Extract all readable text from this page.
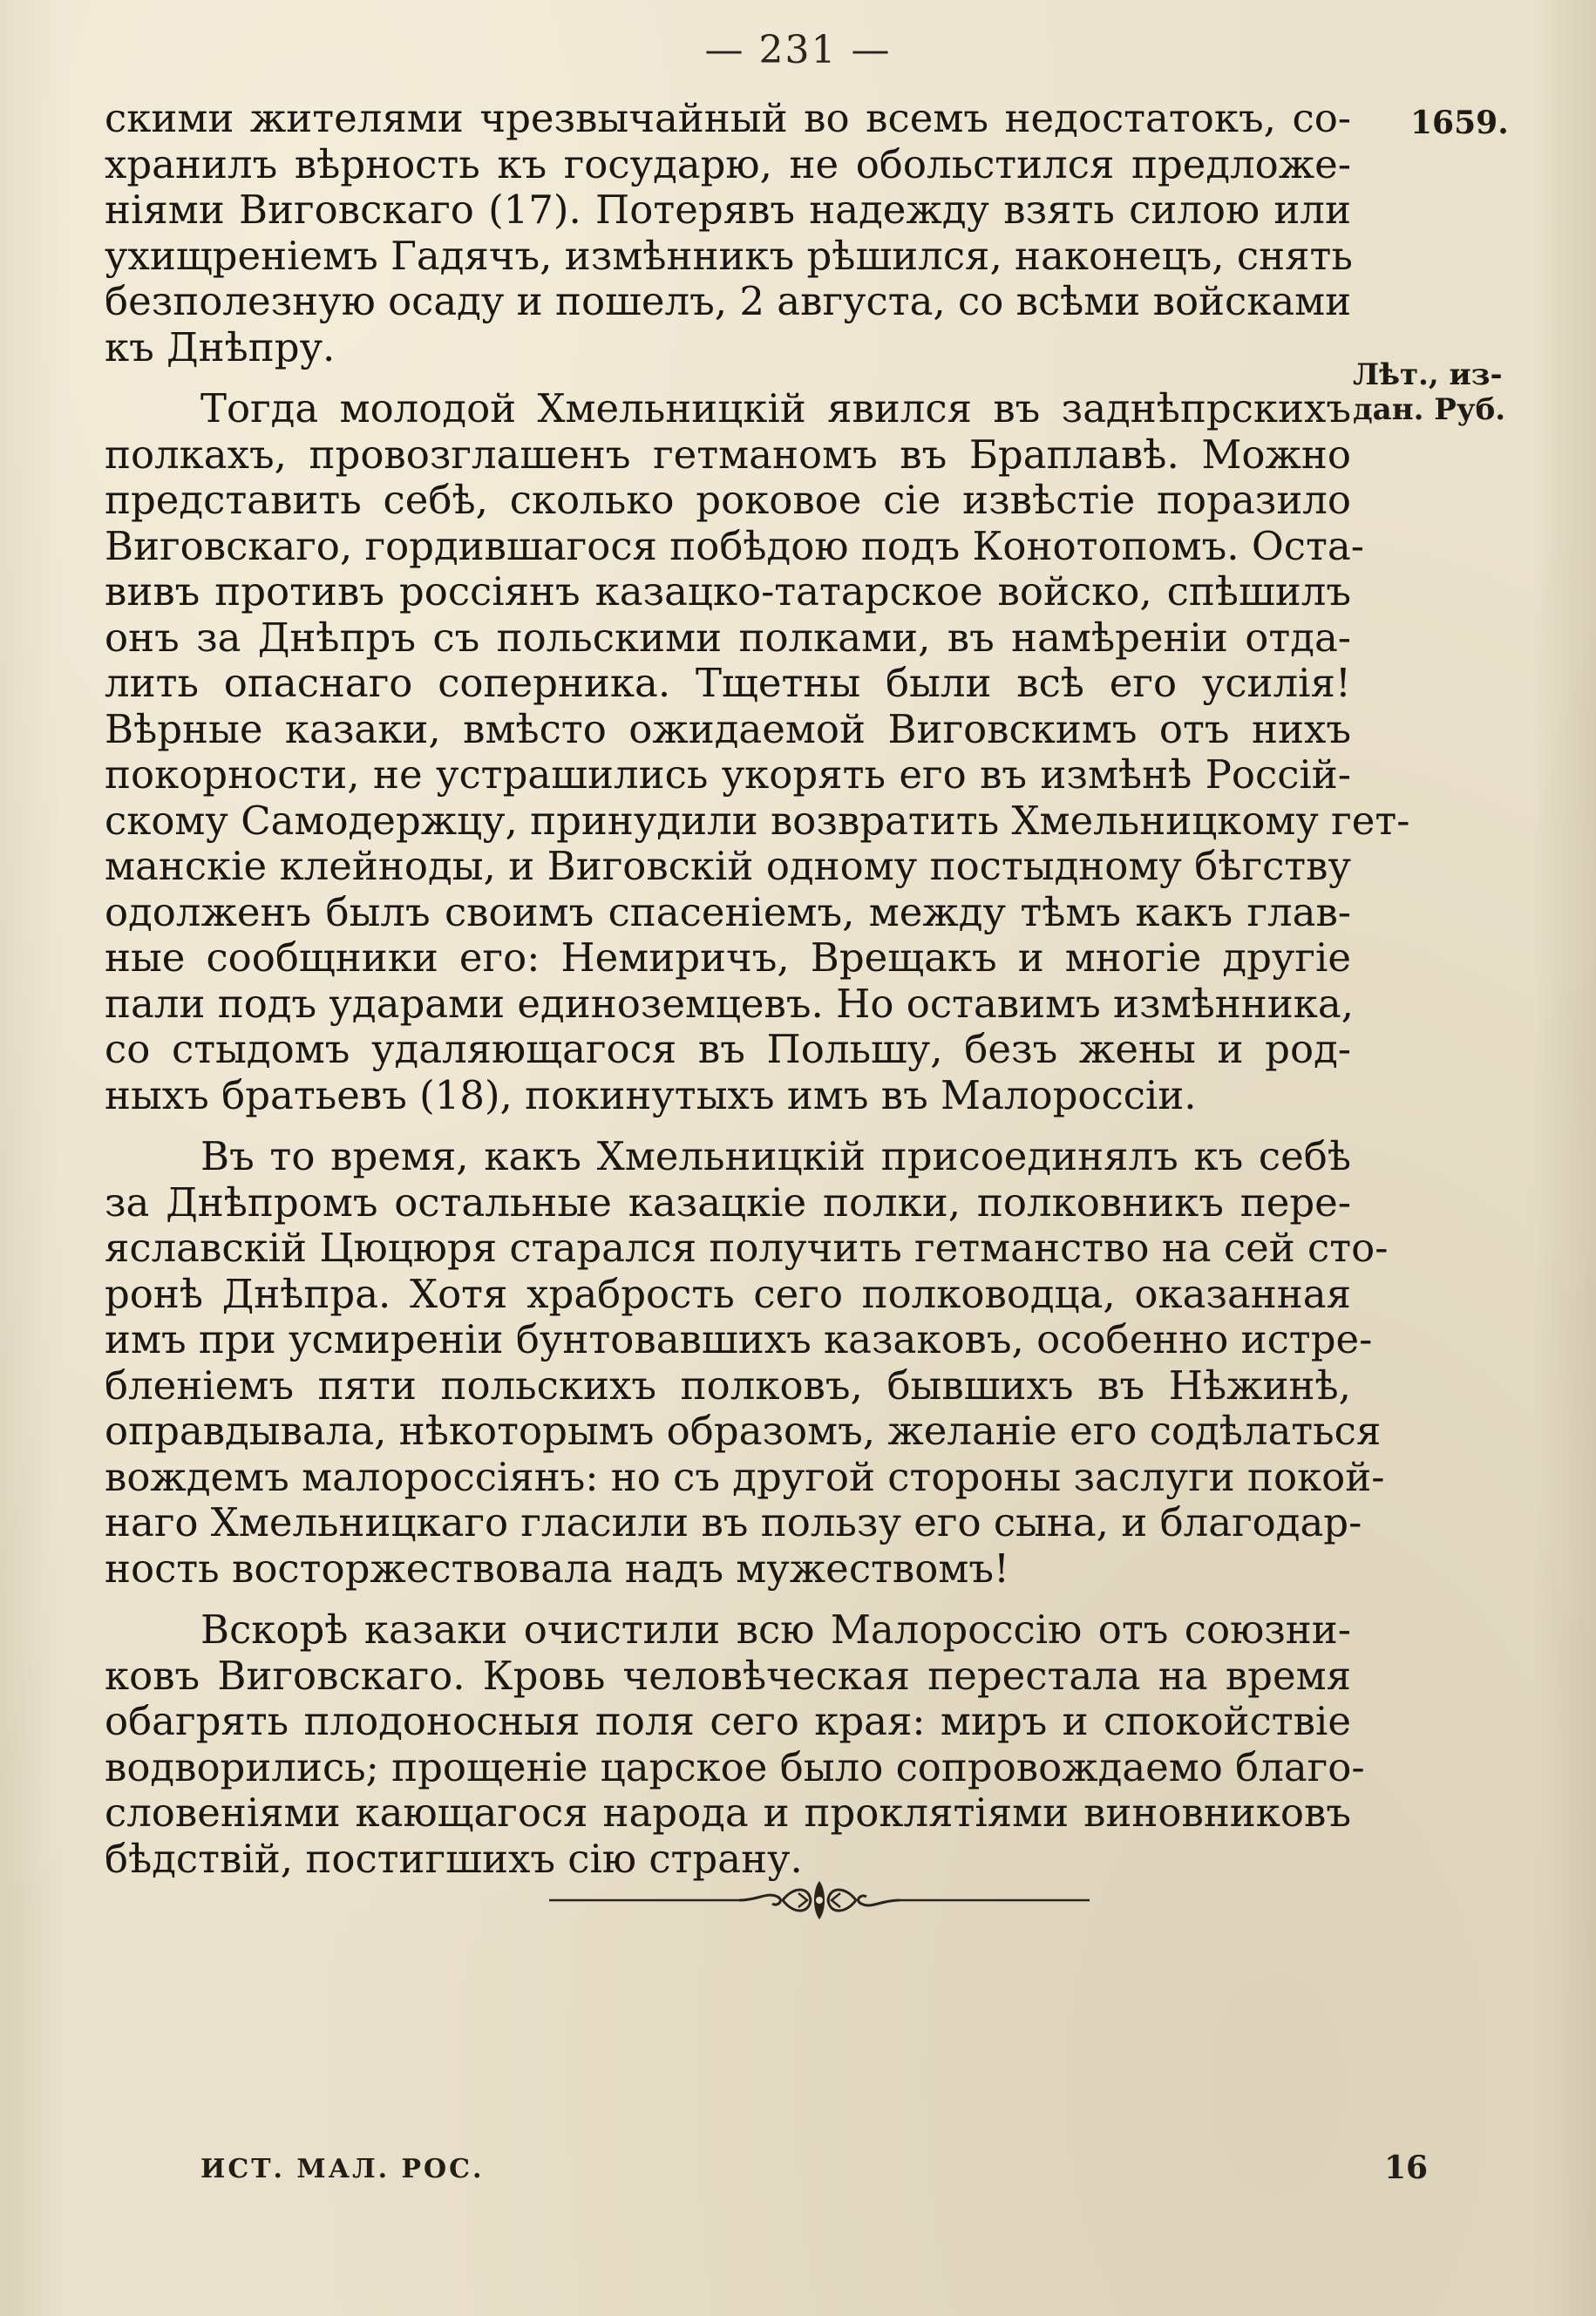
— 231 —
1659.
Лѣт., из-
дан. Руб.
скими жителями чрезвычайный во всемъ недостатокъ, со-
хранилъ вѣрность къ государю, не обольстился предложе-
ніями Виговскаго (17). Потерявъ надежду взять силою или
ухищреніемъ Гадячъ, измѣнникъ рѣшился, наконецъ, снять
безполезную осаду и пошелъ, 2 августа, со всѣми войсками
къ Днѣпру.
Тогда молодой Хмельницкій явился въ заднѣпрскихъ
полкахъ, провозглашенъ гетманомъ въ Браплавѣ. Можно
представить себѣ, сколько роковое сіе извѣстіе поразило
Виговскаго, гордившагося побѣдою подъ Конотопомъ. Оста-
вивъ противъ россіянъ казацко-татарское войско, спѣшилъ
онъ за Днѣпръ съ польскими полками, въ намѣреніи отда-
лить опаснаго соперника. Тщетны были всѣ его усилія!
Вѣрные казаки, вмѣсто ожидаемой Виговскимъ отъ нихъ
покорности, не устрашились укорять его въ измѣнѣ Россій-
скому Самодержцу, принудили возвратить Хмельницкому гет-
манскіе клейноды, и Виговскій одному постыдному бѣгству
одолженъ былъ своимъ спасеніемъ, между тѣмъ какъ глав-
ные сообщники его: Немиричъ, Врещакъ и многіе другіе
пали подъ ударами единоземцевъ. Но оставимъ измѣнника,
со стыдомъ удаляющагося въ Польшу, безъ жены и род-
ныхъ братьевъ (18), покинутыхъ имъ въ Малороссіи.
Въ то время, какъ Хмельницкій присоединялъ къ себѣ
за Днѣпромъ остальные казацкіе полки, полковникъ пере-
яславскій Цюцюря старался получить гетманство на сей сто-
ронѣ Днѣпра. Хотя храбрость сего полководца, оказанная
имъ при усмиреніи бунтовавшихъ казаковъ, особенно истре-
бленіемъ пяти польскихъ полковъ, бывшихъ въ Нѣжинѣ,
оправдывала, нѣкоторымъ образомъ, желаніе его содѣлаться
вождемъ малороссіянъ: но съ другой стороны заслуги покой-
наго Хмельницкаго гласили въ пользу его сына, и благодар-
ность восторжествовала надъ мужествомъ!
Вскорѣ казаки очистили всю Малороссію отъ союзни-
ковъ Виговскаго. Кровь человѣческая перестала на время
обагрять плодоносныя поля сего края: миръ и спокойствіе
водворились; прощеніе царское было сопровождаемо благо-
словеніями кающагося народа и проклятіями виновниковъ
бѣдствій, постигшихъ сію страну.
ИСТ. МАЛ. РОС.	16
